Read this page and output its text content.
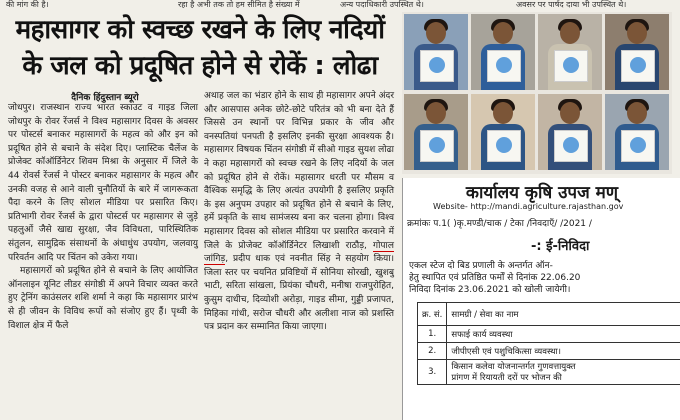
की मांग की है।	रहा है अभी तक तो हम सीमित है संख्या में	अन्य पदाधिकारी उपस्थित थे।	अवसर पर पार्षद दाया भी उपस्थित थे।
महासागर को स्वच्छ रखने के लिए नदियों
के जल को प्रदूषित होने से रोकें : लोढा
दैनिक हिंदुस्तान ब्यूरो

जोधपुर। राजस्थान राज्य भारत स्काउट व गाइड जिला जोधपुर के रोवर रेंजर्स ने विश्व महासागर दिवस के अवसर पर पोस्टर्स बनाकर महासागरों के महत्व को और इन को प्रदूषित होने से बचाने के संदेश दिए। प्लास्टिक चैलेंज के प्रोजेक्ट कॉऑर्डिनेटर शिवम मिश्रा के अनुसार में जिले के 44 रोवर्स रेंजर्स ने पोस्टर बनाकर महासागर के महत्व और उनकी वजह से आने वाली चुनौतियों के बारे में जागरूकता पैदा करने के लिए सोशल मीडिया पर प्रसारित किए। प्रतिभागी रोवर रेंजर्स के द्वारा पोस्टर्स पर महासागर से जुड़े पहलुओं जैसे खाद्य सुरक्षा, जैव विविधता, पारिस्थितिक संतुलन, सामुद्रिक संसाधनों के अंधाधुंध उपयोग, जलवायु परिवर्तन आदि पर चिंतन को उकेरा गया।

महासागरों को प्रदूषित होने से बचाने के लिए आयोजित ऑनलाइन यूनिट लीडर संगोष्ठी में अपने विचार व्यक्त करते हुए ट्रेनिंग काउंसलर शशि शर्मा ने कहा कि महासागर प्रारंभ से ही जीवन के विविध रूपों को संजोए हुए हैं। पृथ्वी के विशाल क्षेत्र में फैले

अथाह जल का भंडार होने के साथ ही महासागर अपने अंदर और आसपास अनेक छोटे-छोटे परितंत्र को भी बना देते हैं जिससे उन स्थानों पर विभिन्न प्रकार के जीव और वनस्पतियां पनपती है इसलिए इनकी सुरक्षा आवश्यक है। महासागर विषयक चिंतन संगोष्ठी में सीओ गाइड सुयश लोढा ने कहा महासागरों को स्वच्छ रखने के लिए नदियों के जल को प्रदूषित होने से रोकें। महासागर धरती पर मौसम व वैश्विक समृद्धि के लिए अत्यंत उपयोगी है इसलिए प्रकृति के इस अनुपम उपहार को प्रदूषित होने से बचाने के लिए, हमें प्रकृति के साथ सामंजस्य बना कर चलना होगा। विश्व महासागर दिवस को सोशल मीडिया पर प्रसारित करवाने में जिले के प्रोजेक्ट कॉऑर्डिनेटर लिखाशी राठौड़, गोपाल जांगिड़, प्रदीप धाक एवं नवनीत सिंह ने सहयोग किया। जिला स्तर पर चयनित प्रविष्टियों में सोनिया सोरखी, खुशबु भाटी, सरिता सांखला, प्रियंका चौधरी, मनीषा राजपुरोहित, कुसुम दाधीच, दिव्योशी अरोड़ा, गाइड सीमा, गुड्डी प्रजापत, मिहिका गांधी, सरोज चौधरी और अलीशा नाज को प्रशस्ति पत्र प्रदान कर सम्मानित किया जाएगा।

कार्यालय कृषि उपज मण्
Website- http://mandi.agriculture.rajasthan.gov
क्रमांकः प.1( )कृ.मण्डी/चाक / टेका /निवदाएँ/ /2021 /
-: ई-निविदा
एकल स्टेज दो बिड प्रणाली के अन्तर्गत ऑन-
हेतु स्थापित एवं प्रतिष्ठित फर्मों से दिनांक 22.06.20
निविदा दिनांक 23.06.2021 को खोली जायेगी।
क्र. सं.	सामग्री / सेवा का नाम
1.	सफाई कार्य व्यवस्था
2.	जीपीएसी एवं पशुचिकित्सा व्यवस्था।
3.	किसान कलेवा योजनान्तर्गत गुणवत्तायुक्त
प्रांगण में रियायती दरों पर भोजन की
